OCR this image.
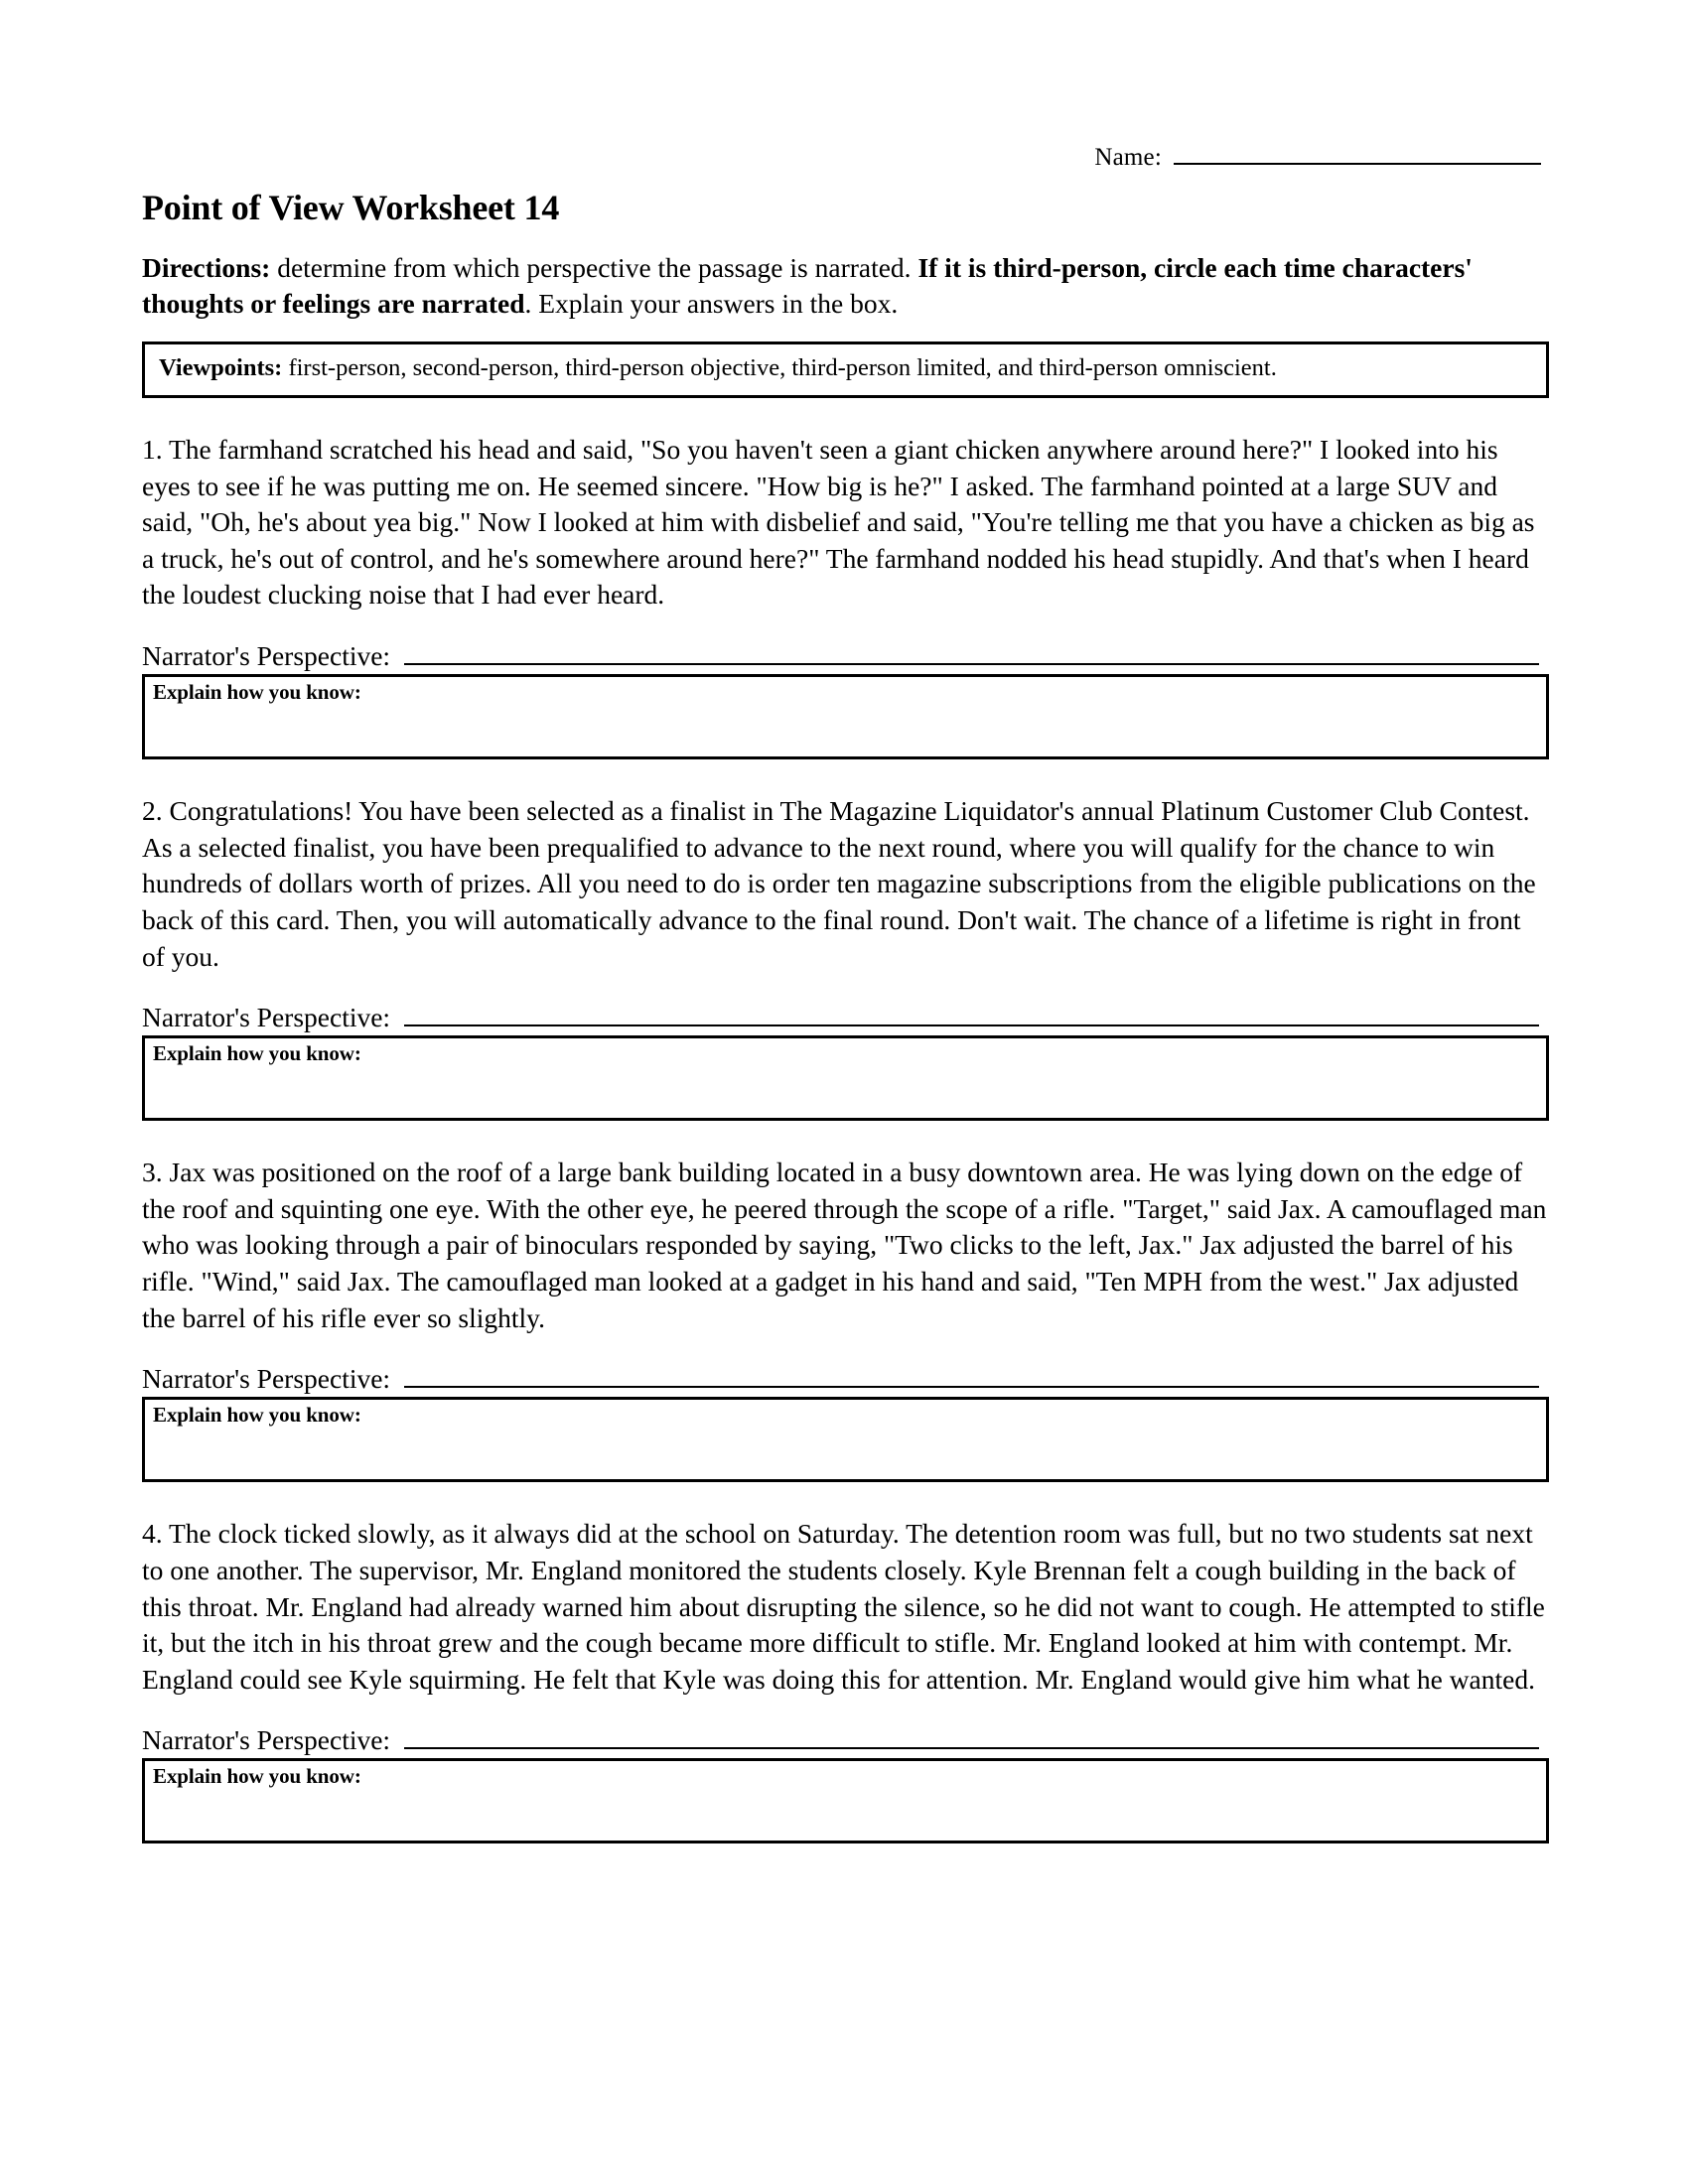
Name:
Point of View Worksheet 14
Directions: determine from which perspective the passage is narrated. If it is third-person, circle each time characters' thoughts or feelings are narrated. Explain your answers in the box.
Viewpoints: first-person, second-person, third-person objective, third-person limited, and third-person omniscient.
1. The farmhand scratched his head and said, "So you haven't seen a giant chicken anywhere around here?" I looked into his eyes to see if he was putting me on. He seemed sincere. "How big is he?" I asked. The farmhand pointed at a large SUV and said, "Oh, he's about yea big." Now I looked at him with disbelief and said, "You're telling me that you have a chicken as big as a truck, he's out of control, and he's somewhere around here?" The farmhand nodded his head stupidly. And that's when I heard the loudest clucking noise that I had ever heard.
Narrator's Perspective:
Explain how you know:
2. Congratulations! You have been selected as a finalist in The Magazine Liquidator's annual Platinum Customer Club Contest. As a selected finalist, you have been prequalified to advance to the next round, where you will qualify for the chance to win hundreds of dollars worth of prizes. All you need to do is order ten magazine subscriptions from the eligible publications on the back of this card. Then, you will automatically advance to the final round. Don't wait. The chance of a lifetime is right in front of you.
Narrator's Perspective:
Explain how you know:
3. Jax was positioned on the roof of a large bank building located in a busy downtown area. He was lying down on the edge of the roof and squinting one eye. With the other eye, he peered through the scope of a rifle. "Target," said Jax. A camouflaged man who was looking through a pair of binoculars responded by saying, "Two clicks to the left, Jax." Jax adjusted the barrel of his rifle. "Wind," said Jax. The camouflaged man looked at a gadget in his hand and said, "Ten MPH from the west." Jax adjusted the barrel of his rifle ever so slightly.
Narrator's Perspective:
Explain how you know:
4. The clock ticked slowly, as it always did at the school on Saturday. The detention room was full, but no two students sat next to one another. The supervisor, Mr. England monitored the students closely. Kyle Brennan felt a cough building in the back of this throat. Mr. England had already warned him about disrupting the silence, so he did not want to cough. He attempted to stifle it, but the itch in his throat grew and the cough became more difficult to stifle. Mr. England looked at him with contempt. Mr. England could see Kyle squirming. He felt that Kyle was doing this for attention. Mr. England would give him what he wanted.
Narrator's Perspective:
Explain how you know:
